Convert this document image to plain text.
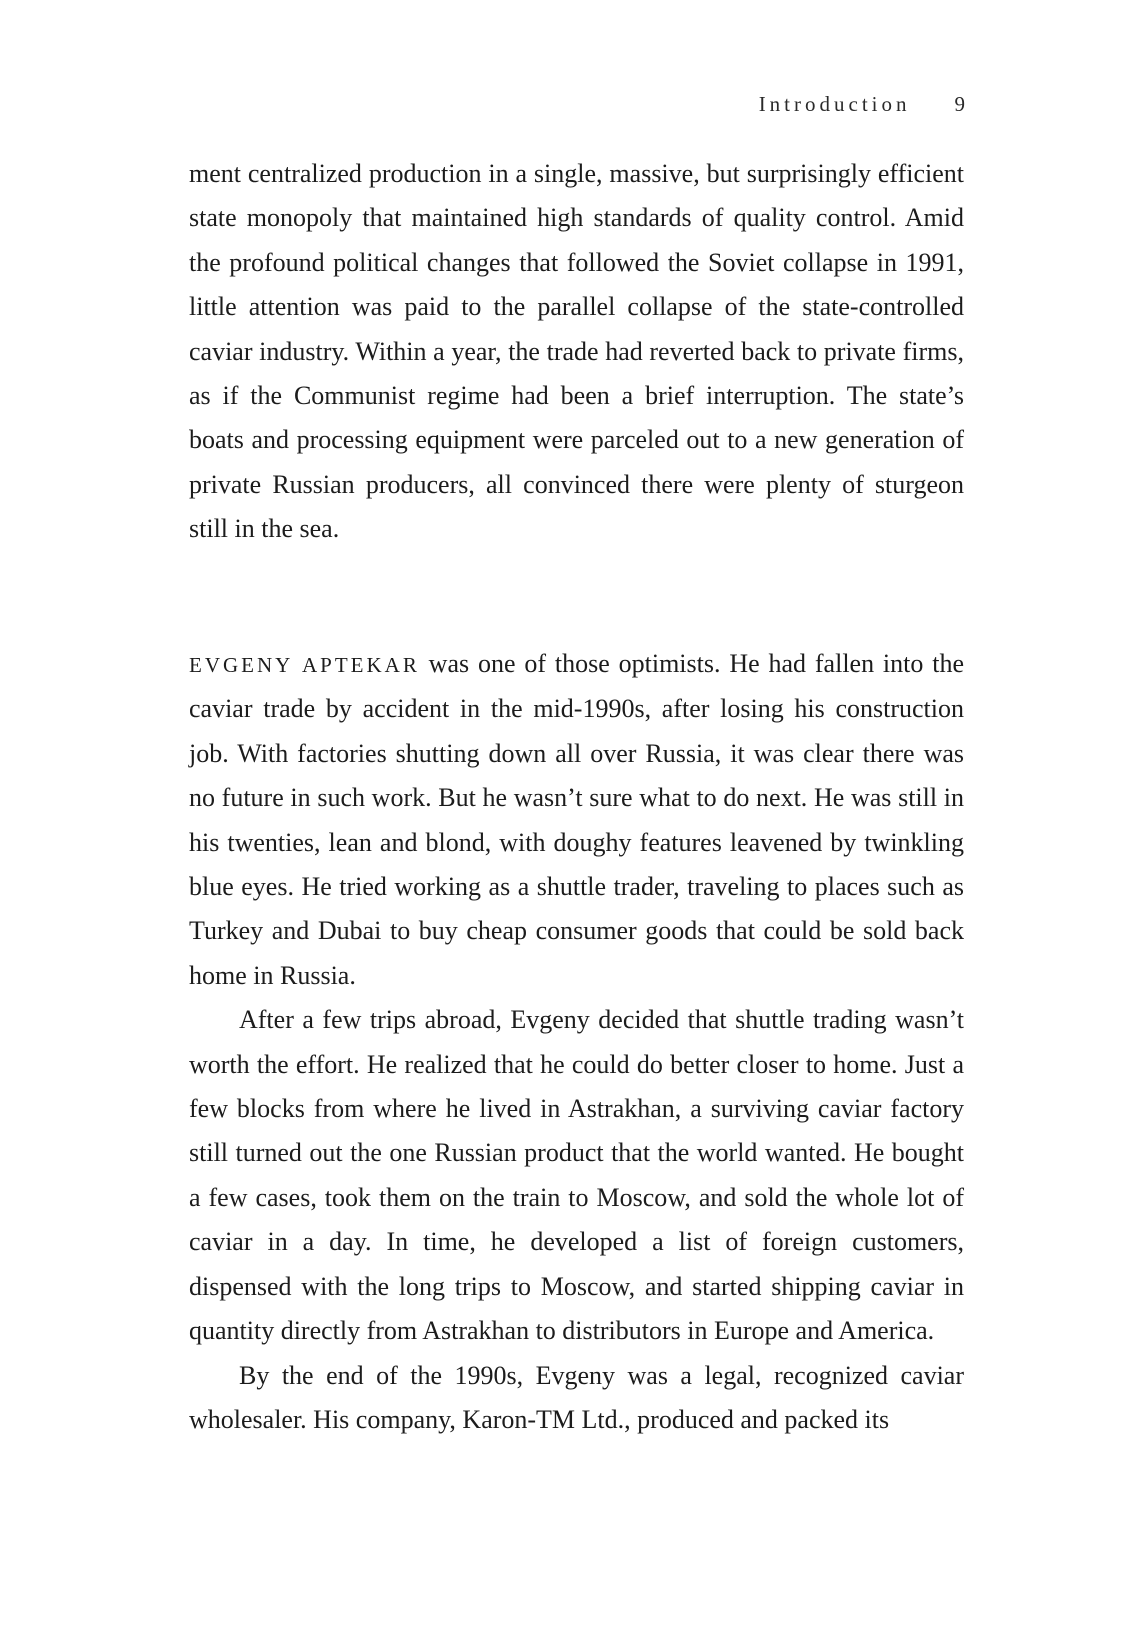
Introduction 9

ment centralized production in a single, massive, but surprisingly efficient state monopoly that maintained high standards of quality control. Amid the profound political changes that followed the Soviet collapse in 1991, little attention was paid to the parallel collapse of the state-controlled caviar industry. Within a year, the trade had reverted back to private firms, as if the Communist regime had been a brief interruption. The state’s boats and processing equipment were parceled out to a new generation of private Russian producers, all convinced there were plenty of sturgeon still in the sea.

EVGENY APTEKAR was one of those optimists. He had fallen into the caviar trade by accident in the mid-1990s, after losing his construction job. With factories shutting down all over Russia, it was clear there was no future in such work. But he wasn’t sure what to do next. He was still in his twenties, lean and blond, with doughy features leavened by twinkling blue eyes. He tried working as a shuttle trader, traveling to places such as Turkey and Dubai to buy cheap consumer goods that could be sold back home in Russia.

After a few trips abroad, Evgeny decided that shuttle trading wasn’t worth the effort. He realized that he could do better closer to home. Just a few blocks from where he lived in Astrakhan, a surviving caviar factory still turned out the one Russian product that the world wanted. He bought a few cases, took them on the train to Moscow, and sold the whole lot of caviar in a day. In time, he developed a list of foreign customers, dispensed with the long trips to Moscow, and started shipping caviar in quantity directly from Astrakhan to distributors in Europe and America.

By the end of the 1990s, Evgeny was a legal, recognized caviar wholesaler. His company, Karon-TM Ltd., produced and packed its
